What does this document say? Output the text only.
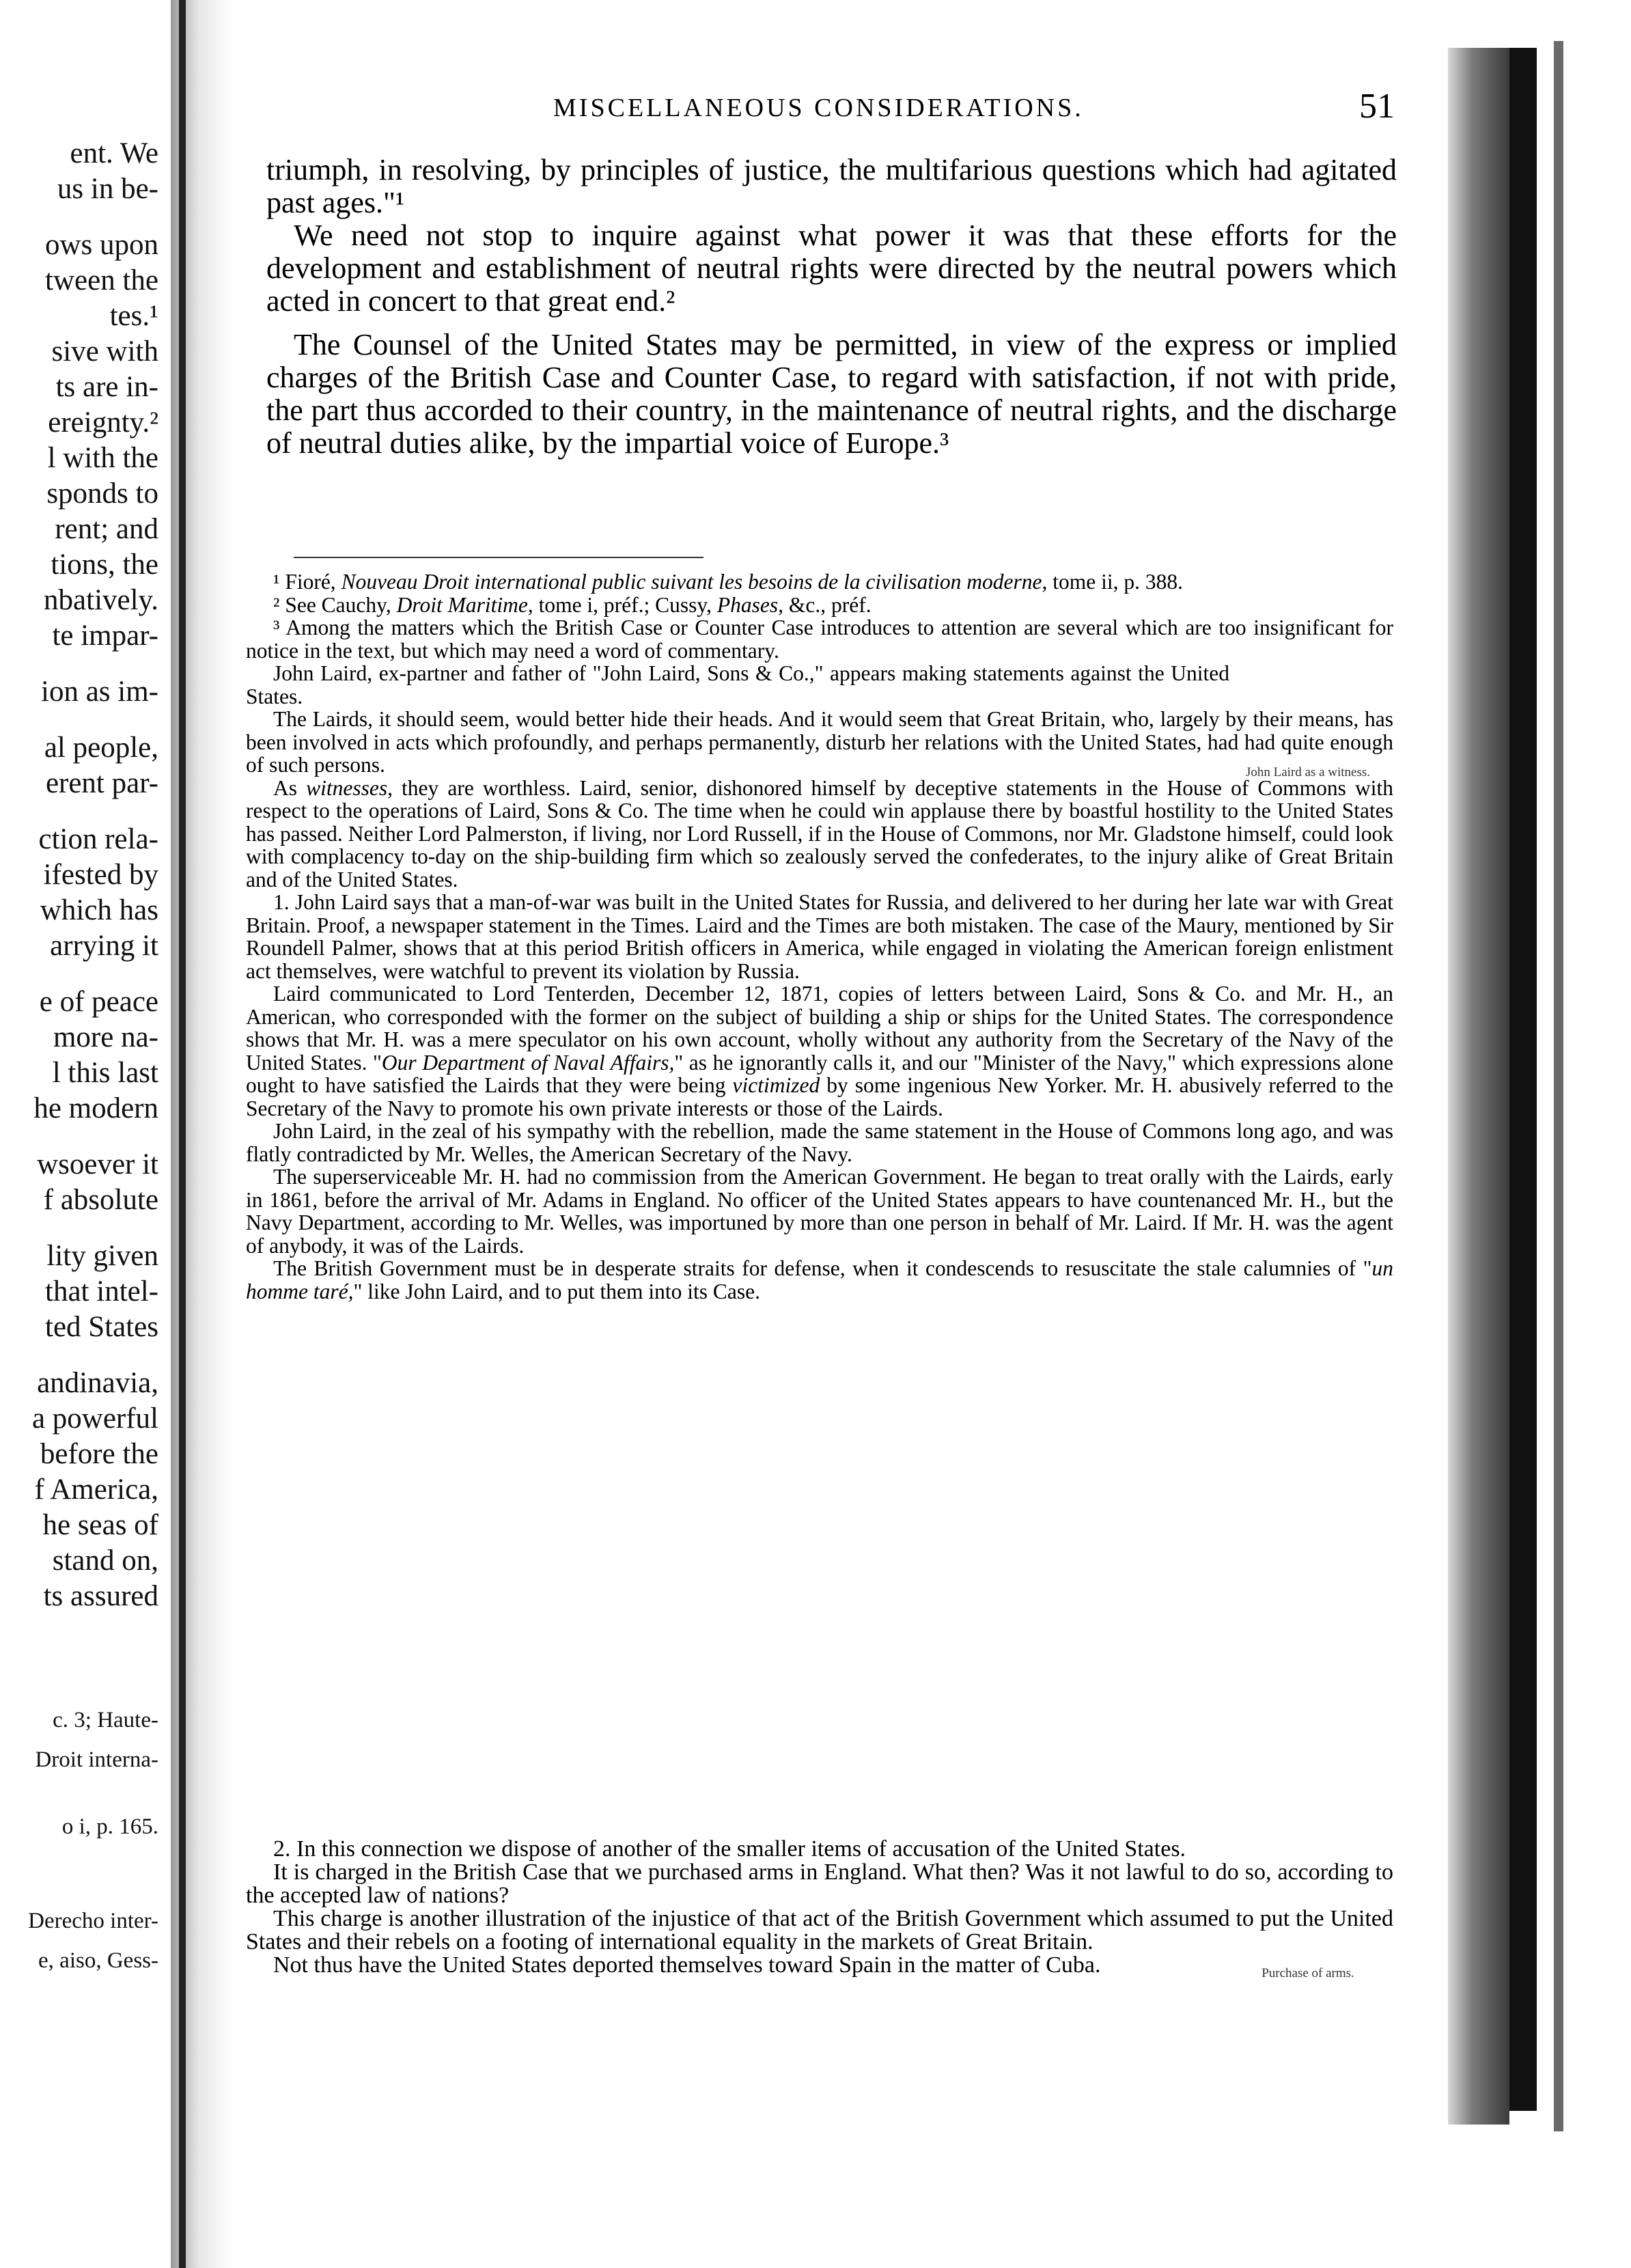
ent. We
us in be-
ows upon
tween the
tes.¹
sive with
ts are in-
ereignty.²
l with the
sponds to
rent; and
tions, the
nbatively.
te impar-
ion as im-
al people,
erent par-
ction rela-
ifested by
which has
arrying it
e of peace
more na-
l this last
he modern
wsoever it
f absolute
lity given
that intel-
ted States
andinavia,
a powerful
before the
f America,
he seas of
stand on,
ts assured
c. 3; Haute-
Droit interna-
o i, p. 165.
Derecho inter-
e, aiso, Gess-
MISCELLANEOUS CONSIDERATIONS.	51

triumph, in resolving, by principles of justice, the multifarious questions which had agitated past ages."¹

We need not stop to inquire against what power it was that these efforts for the development and establishment of neutral rights were directed by the neutral powers which acted in concert to that great end.²

The Counsel of the United States may be permitted, in view of the express or implied charges of the British Case and Counter Case, to regard with satisfaction, if not with pride, the part thus accorded to their country, in the maintenance of neutral rights, and the discharge of neutral duties alike, by the impartial voice of Europe.³

¹ Fioré, Nouveau Droit international public suivant les besoins de la civilisation moderne, tome ii, p. 388.

² See Cauchy, Droit Maritime, tome i, préf.; Cussy, Phases, &c., préf.

³ Among the matters which the British Case or Counter Case introduces to attention are several which are too insignificant for notice in the text, but which may need a word of commentary.

John Laird, ex-partner and father of "John Laird, Sons & Co.," appears making statements against the United States.

The Lairds, it should seem, would better hide their heads. And it would seem that Great Britain, who, largely by their means, has been involved in acts which profoundly, and perhaps permanently, disturb her relations with the United States, had had quite enough of such persons.

As witnesses, they are worthless. Laird, senior, dishonored himself by deceptive statements in the House of Commons with respect to the operations of Laird, Sons & Co. The time when he could win applause there by boastful hostility to the United States has passed. Neither Lord Palmerston, if living, nor Lord Russell, if in the House of Commons, nor Mr. Gladstone himself, could look with complacency to-day on the ship-building firm which so zealously served the confederates, to the injury alike of Great Britain and of the United States.

1. John Laird says that a man-of-war was built in the United States for Russia, and delivered to her during her late war with Great Britain. Proof, a newspaper statement in the Times. Laird and the Times are both mistaken. The case of the Maury, mentioned by Sir Roundell Palmer, shows that at this period British officers in America, while engaged in violating the American foreign enlistment act themselves, were watchful to prevent its violation by Russia.

Laird communicated to Lord Tenterden, December 12, 1871, copies of letters between Laird, Sons & Co. and Mr. H., an American, who corresponded with the former on the subject of building a ship or ships for the United States. The correspondence shows that Mr. H. was a mere speculator on his own account, wholly without any authority from the Secretary of the Navy of the United States. "Our Department of Naval Affairs," as he ignorantly calls it, and our "Minister of the Navy," which expressions alone ought to have satisfied the Lairds that they were being victimized by some ingenious New Yorker. Mr. H. abusively referred to the Secretary of the Navy to promote his own private interests or those of the Lairds.

John Laird, in the zeal of his sympathy with the rebellion, made the same statement in the House of Commons long ago, and was flatly contradicted by Mr. Welles, the American Secretary of the Navy.

The superserviceable Mr. H. had no commission from the American Government. He began to treat orally with the Lairds, early in 1861, before the arrival of Mr. Adams in England. No officer of the United States appears to have countenanced Mr. H., but the Navy Department, according to Mr. Welles, was importuned by more than one person in behalf of Mr. Laird. If Mr. H. was the agent of anybody, it was of the Lairds.

The British Government must be in desperate straits for defense, when it condescends to resuscitate the stale calumnies of "un homme taré," like John Laird, and to put them into its Case.

John Laird as a witness.

2. In this connection we dispose of another of the smaller items of accusation of the United States.

It is charged in the British Case that we purchased arms in England. What then? Was it not lawful to do so, according to the accepted law of nations?

This charge is another illustration of the injustice of that act of the British Government which assumed to put the United States and their rebels on a footing of international equality in the markets of Great Britain.

Not thus have the United States deported themselves toward Spain in the matter of Cuba.	Purchase of arms.
